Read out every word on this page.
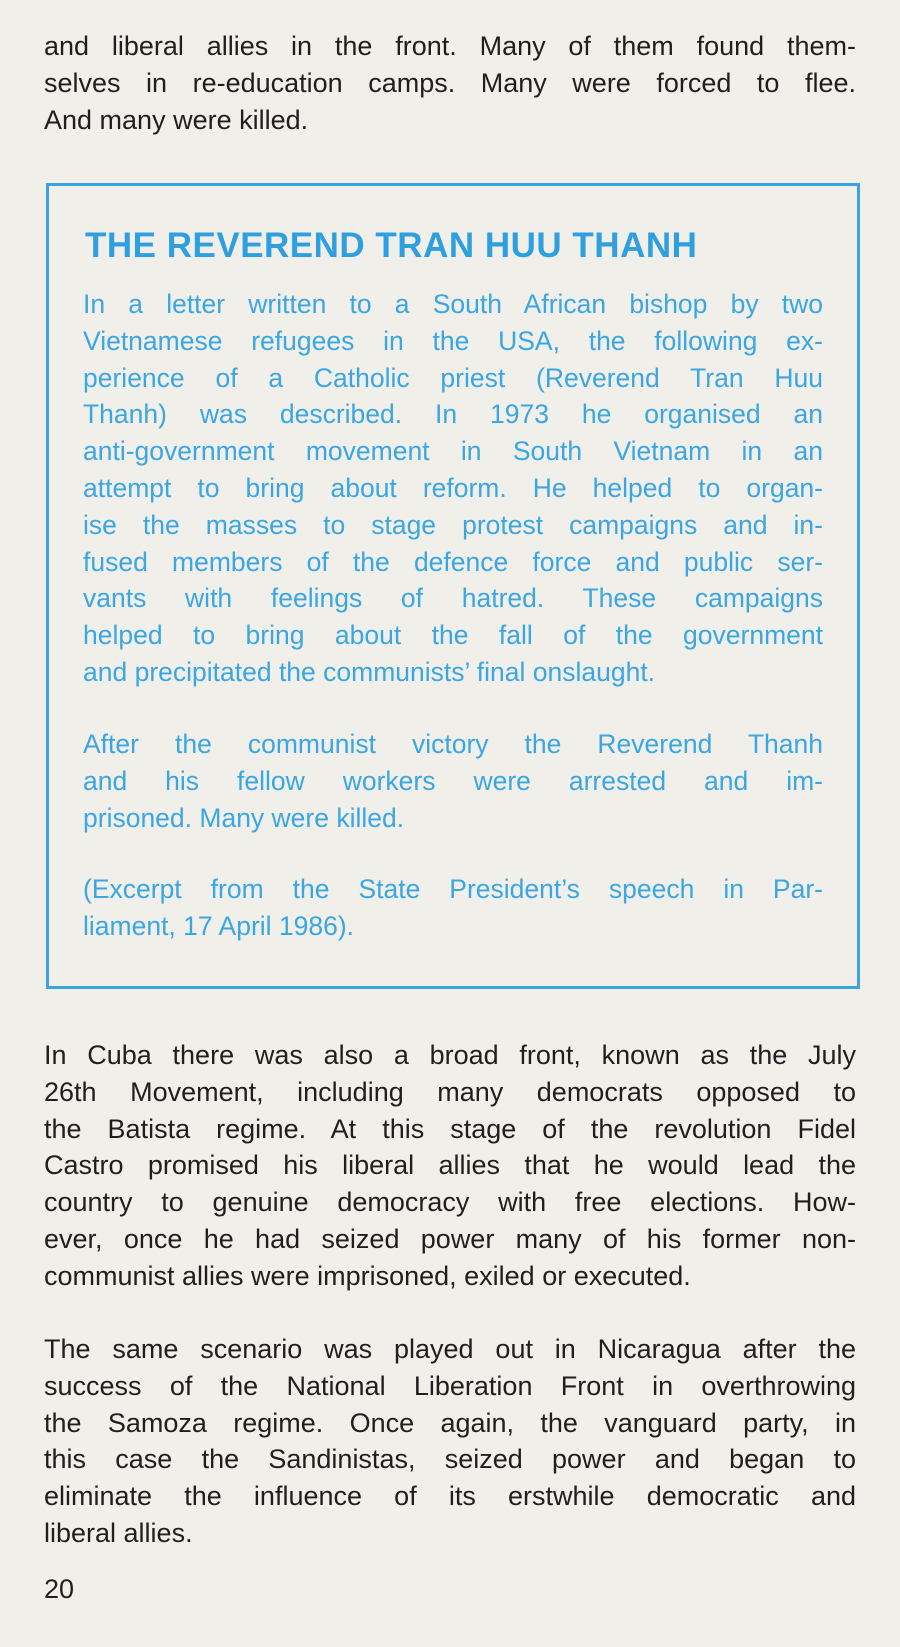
and liberal allies in the front. Many of them found them-
selves in re-education camps. Many were forced to flee.
And many were killed.

THE REVEREND TRAN HUU THANH

In a letter written to a South African bishop by two
Vietnamese refugees in the USA, the following ex-
perience of a Catholic priest (Reverend Tran Huu
Thanh) was described. In 1973 he organised an
anti-government movement in South Vietnam in an
attempt to bring about reform. He helped to organ-
ise the masses to stage protest campaigns and in-
fused members of the defence force and public ser-
vants with feelings of hatred. These campaigns
helped to bring about the fall of the government
and precipitated the communists’ final onslaught.

After the communist victory the Reverend Thanh
and his fellow workers were arrested and im-
prisoned. Many were killed.

(Excerpt from the State President’s speech in Par-
liament, 17 April 1986).

In Cuba there was also a broad front, known as the July
26th Movement, including many democrats opposed to
the Batista regime. At this stage of the revolution Fidel
Castro promised his liberal allies that he would lead the
country to genuine democracy with free elections. How-
ever, once he had seized power many of his former non-
communist allies were imprisoned, exiled or executed.

The same scenario was played out in Nicaragua after the
success of the National Liberation Front in overthrowing
the Samoza regime. Once again, the vanguard party, in
this case the Sandinistas, seized power and began to
eliminate the influence of its erstwhile democratic and
liberal allies.

20
